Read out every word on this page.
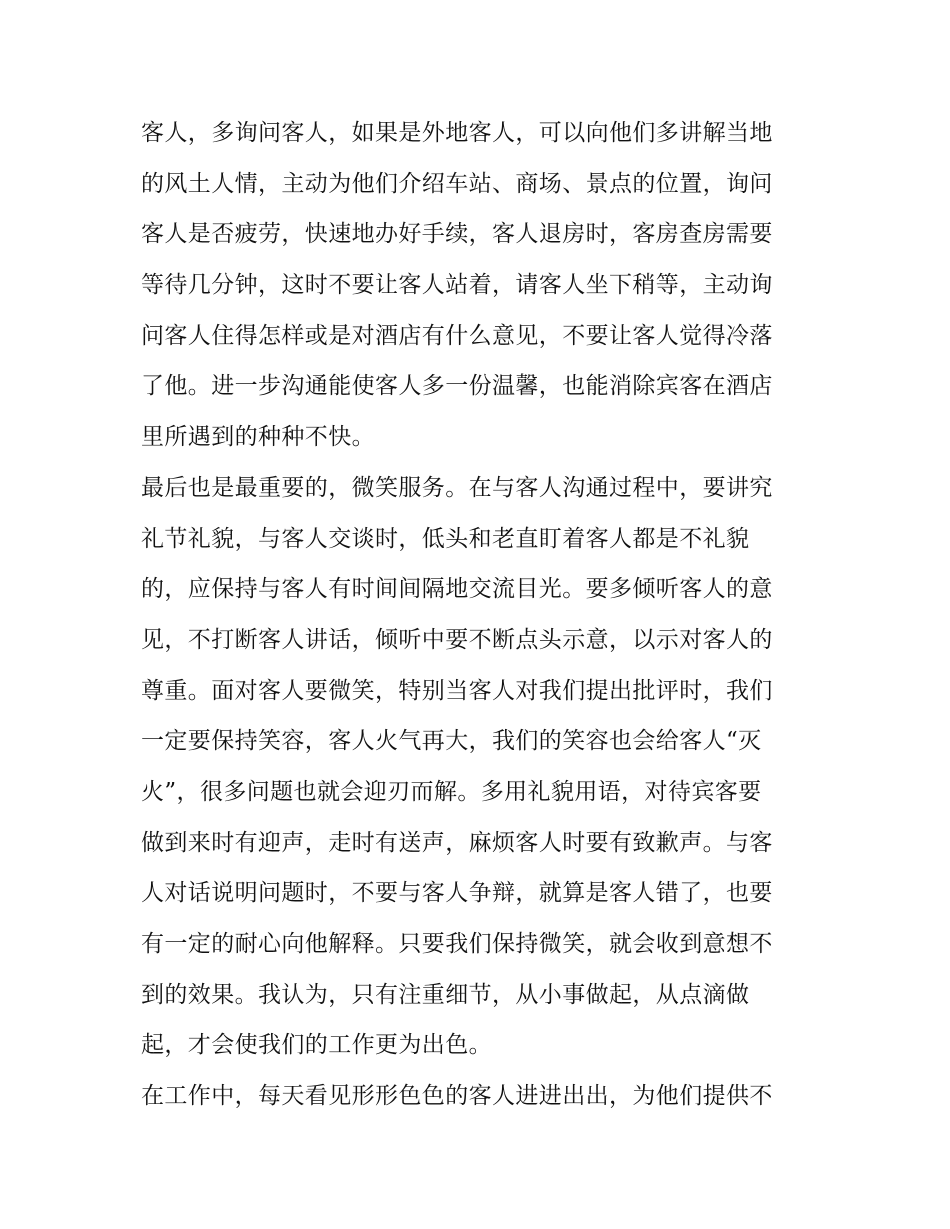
客人，多询问客人，如果是外地客人，可以向他们多讲解当地
的风土人情，主动为他们介绍车站、商场、景点的位置，询问
客人是否疲劳，快速地办好手续，客人退房时，客房查房需要
等待几分钟，这时不要让客人站着，请客人坐下稍等，主动询
问客人住得怎样或是对酒店有什么意见，不要让客人觉得冷落
了他。进一步沟通能使客人多一份温馨，也能消除宾客在酒店
里所遇到的种种不快。
最后也是最重要的，微笑服务。在与客人沟通过程中，要讲究
礼节礼貌，与客人交谈时，低头和老直盯着客人都是不礼貌
的，应保持与客人有时间间隔地交流目光。要多倾听客人的意
见，不打断客人讲话，倾听中要不断点头示意，以示对客人的
尊重。面对客人要微笑，特别当客人对我们提出批评时，我们
一定要保持笑容，客人火气再大，我们的笑容也会给客人“灭
火”，很多问题也就会迎刃而解。多用礼貌用语，对待宾客要
做到来时有迎声，走时有送声，麻烦客人时要有致歉声。与客
人对话说明问题时，不要与客人争辩，就算是客人错了，也要
有一定的耐心向他解释。只要我们保持微笑，就会收到意想不
到的效果。我认为，只有注重细节，从小事做起，从点滴做
起，才会使我们的工作更为出色。
在工作中，每天看见形形色色的客人进进出出，为他们提供不
